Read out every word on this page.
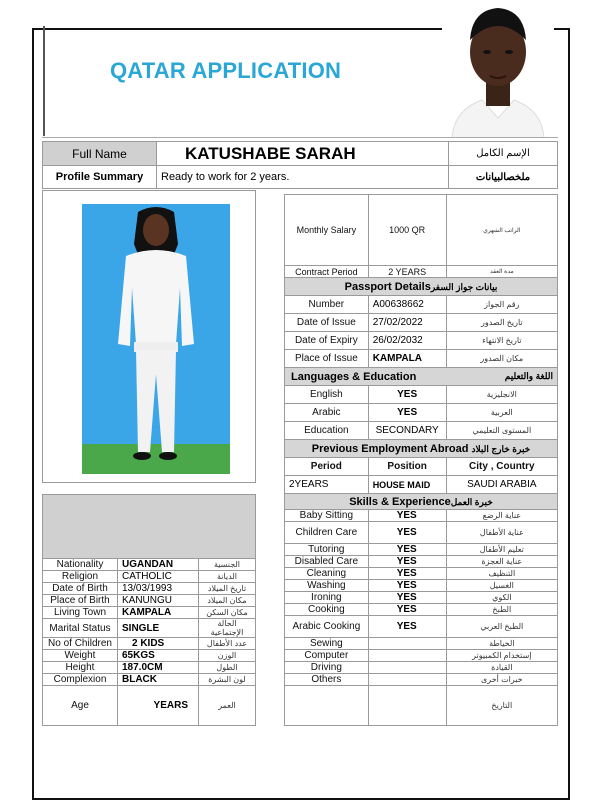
QATAR APPLICATION
Full Name	KATUSHABE SARAH	الإسم الكامل
Profile Summary	Ready to work for 2 years.	ملخصالبيانات

Nationality	UGANDAN	الجنسية
Religion	CATHOLIC	الديانة
Date of Birth	13/03/1993	تاريخ الميلاد
Place of Birth	KANUNGU	مكان الميلاد
Living Town	KAMPALA	مكان السكن
Marital Status	SINGLE	الحالة الإجتماعية
No of Children	2 KIDS	عدد الأطفال
Weight	65KGS	الوزن
Height	187.0CM	الطول
Complexion	BLACK	لون البشرة
Age	YEARS	العمر
Monthly Salary	1000 QR	الراتب الشهري
Contract Period	2 YEARS	مدة العقد
Passport Detailsبيانات جواز السفر		
Number	A00638662	رقم الجواز
Date of Issue	27/02/2022	تاريخ الصدور
Date of Expiry	26/02/2032	تاريخ الانتهاء
Place of Issue	KAMPALA	مكان الصدور
Languages & Education اللغة والتعليم		

English	YES	الانجليزية
Arabic	YES	العربية
Education	SECONDARY	المستوى التعليمي
Previous Employment Abroad خبرة خارج البلاد		
Period	Position	City , Country
2YEARS	HOUSE MAID	SAUDI ARABIA
Skills & Experienceخبرة العمل		
Baby Sitting	YES	عناية الرضع
Children Care	YES	عناية الأطفال
Tutoring	YES	تعليم الأطفال
Disabled Care	YES	عناية العجزة
Cleaning	YES	التنظيف
Washing	YES	الغسيل
Ironing	YES	الكوي
Cooking	YES	الطبخ
Arabic Cooking	YES	الطبخ العربي
Sewing		الخياطة
Computer		إستخدام الكمبيوتر
Driving		القيادة
Others		خبرات أخرى
		التاريخ
